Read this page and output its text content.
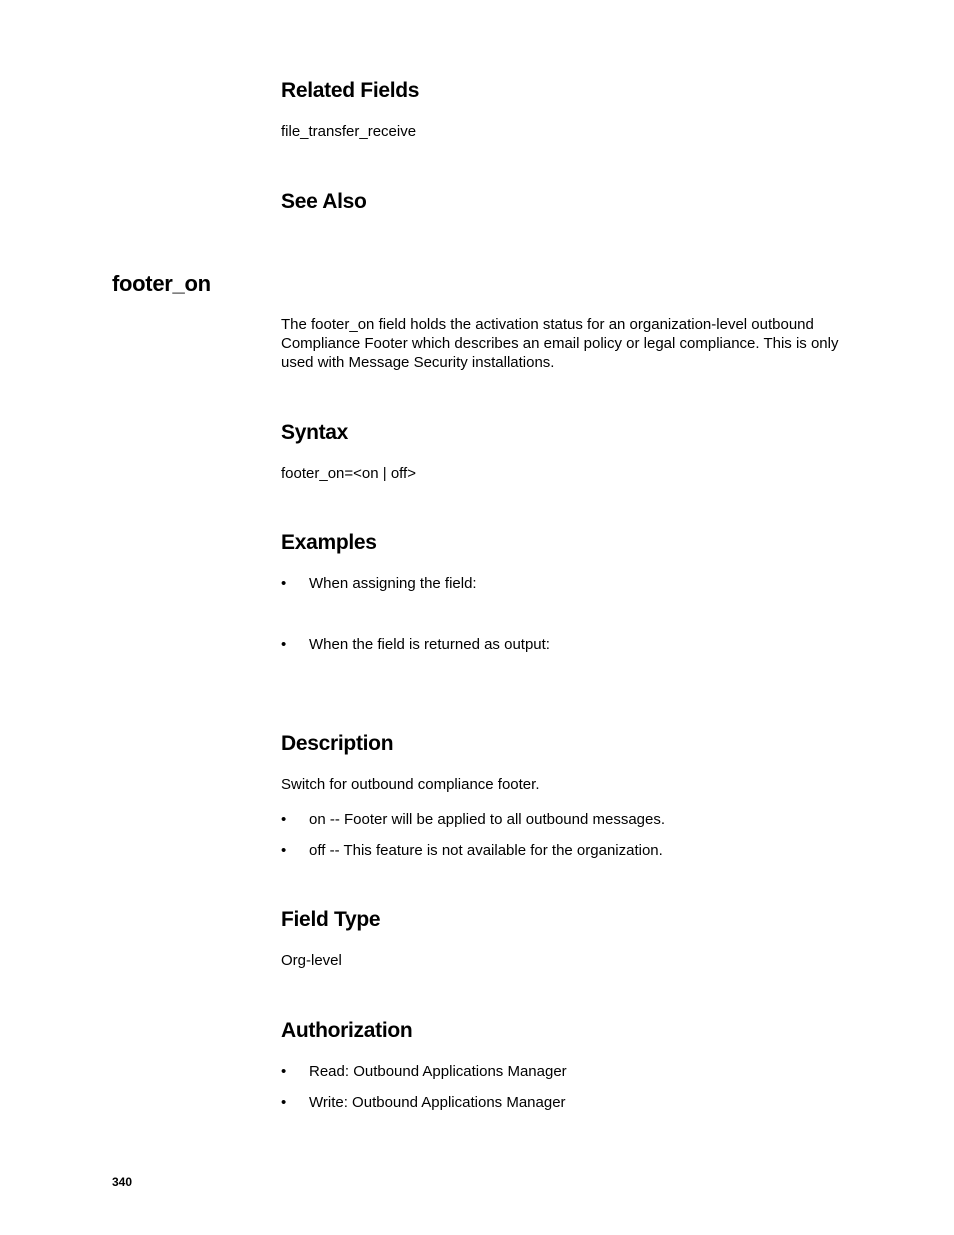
Related Fields
file_transfer_receive
See Also
footer_on
The footer_on field holds the activation status for an organization-level outbound Compliance Footer which describes an email policy or legal compliance. This is only used with Message Security installations.
Syntax
footer_on=<on | off>
Examples
• When assigning the field:
• When the field is returned as output:
Description
Switch for outbound compliance footer.
• on -- Footer will be applied to all outbound messages.
• off -- This feature is not available for the organization.
Field Type
Org-level
Authorization
• Read: Outbound Applications Manager
• Write: Outbound Applications Manager
340
